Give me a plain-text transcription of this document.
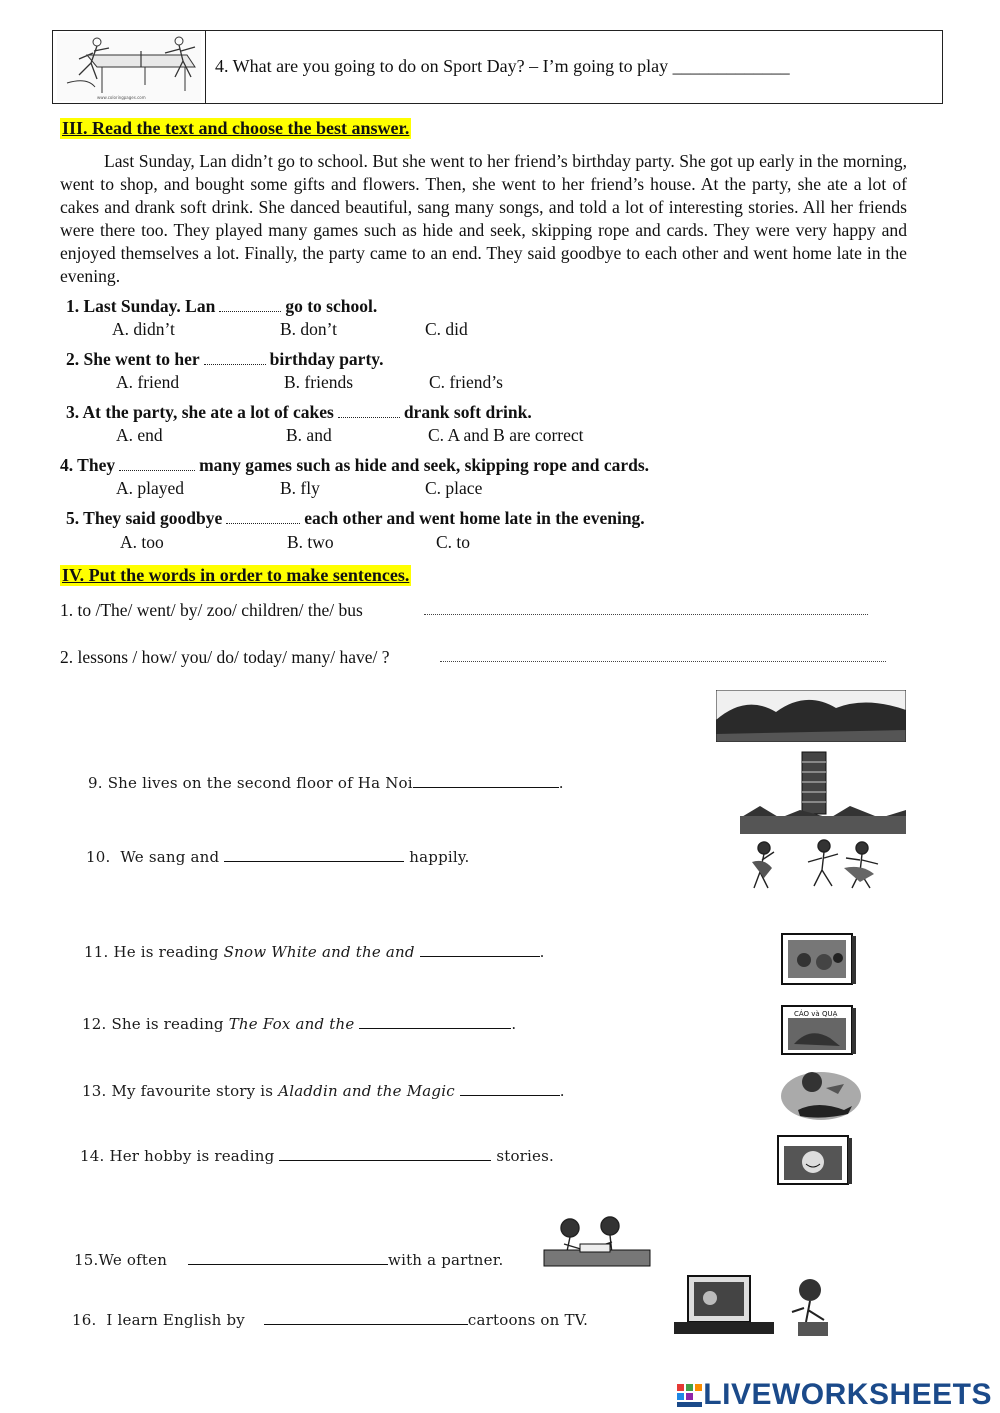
www.coloringpages.com
4. What are you going to do on Sport Day? – I’m going to play _____________
III. Read the text and choose the best answer.
Last Sunday, Lan didn’t go to school. But she went to her friend’s birthday party. She got up early in the morning, went to shop, and bought some gifts and flowers. Then, she went to her friend’s house. At the party, she ate a lot of cakes and drank soft drink. She danced beautiful, sang many songs, and told a lot of interesting stories. All her friends were there too. They played many games such as hide and seek, skipping rope and cards. They were very happy and enjoyed themselves a lot. Finally, the party came to an end. They said goodbye to each other and went home late in the evening.
1. Last Sunday. Lan	go to school.
A. didn’t	B. don’t	C. did
2. She went to her	birthday party.
A. friend	B. friends	C. friend’s
3. At the party, she ate a lot of cakes	drank soft drink.
A. end	B. and	C. A and B are correct
4. They	many games such as hide and seek, skipping rope and cards.
A. played	B. fly	C. place
5. They said goodbye	each other and went home late in the evening.
A. too	B. two	C. to
IV. Put the words in order to make sentences.
1. to /The/ went/ by/ zoo/ children/ the/ bus
2. lessons / how/ you/ do/ today/ many/ have/ ?
CÁO và QUẠ
9. She lives on the second floor of Ha Noi	.
10. We sang and	happily.
11. He is reading Snow White and the and	.
12. She is reading The Fox and the	.
13. My favourite story is Aladdin and the Magic	.
14. Her hobby is reading	stories.
15.We often	with a partner.
16. I learn English by	cartoons on TV.
LIVEWORKSHEETS
